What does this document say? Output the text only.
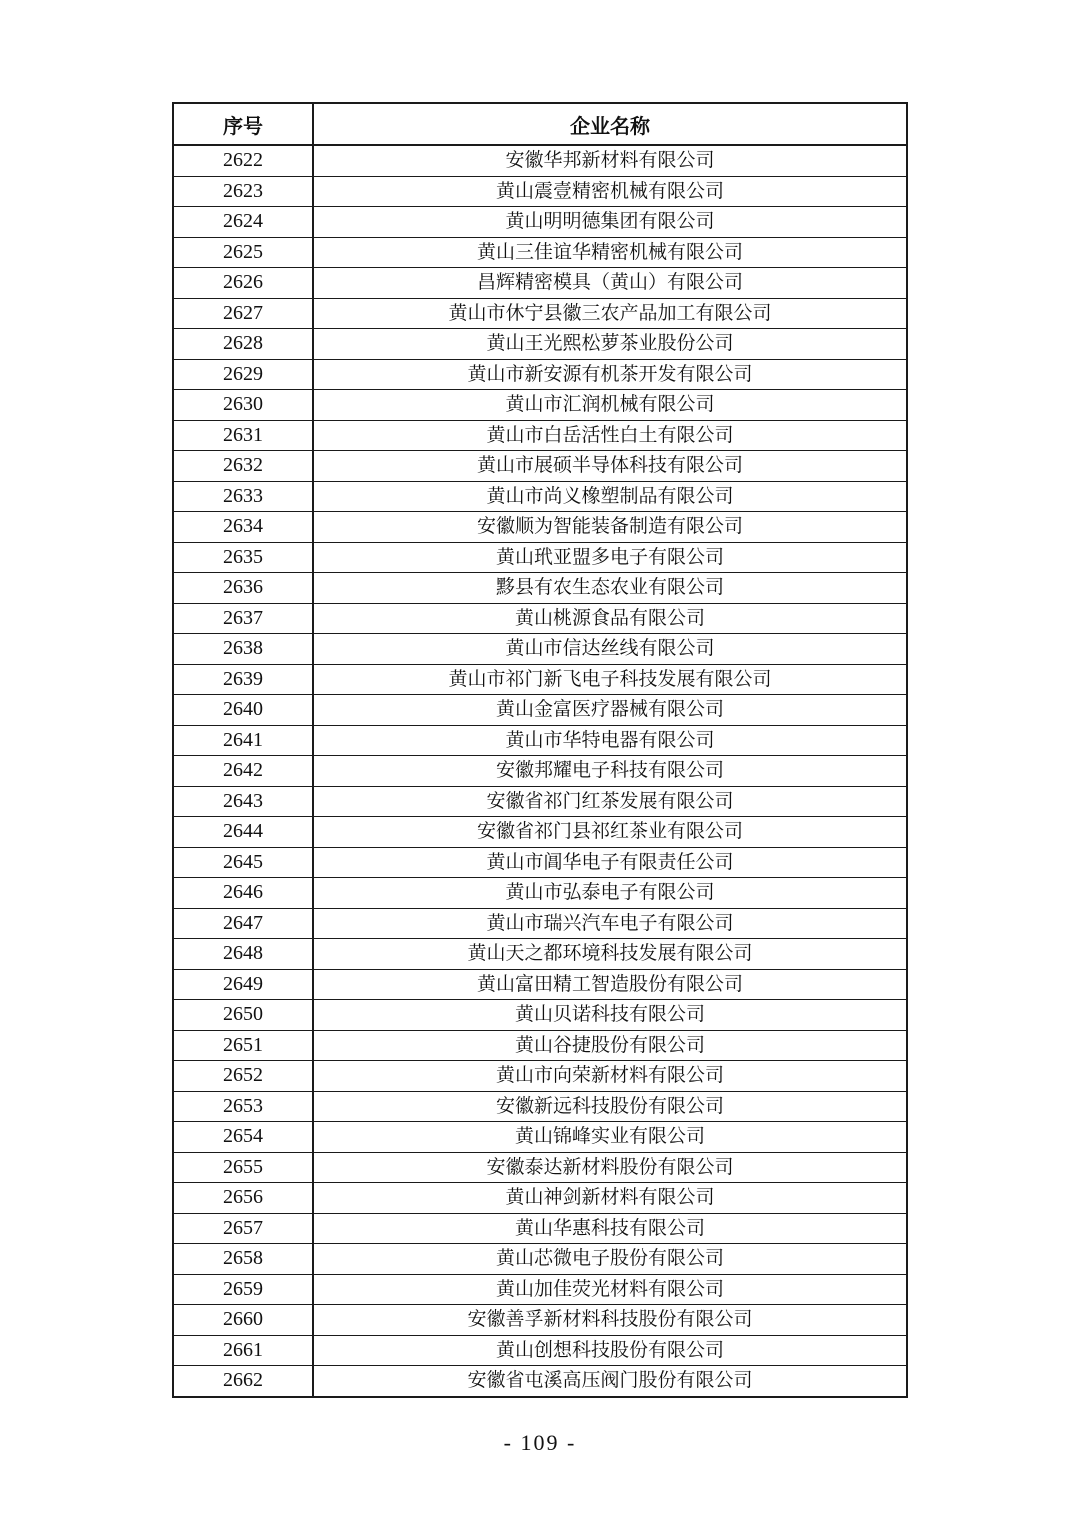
序号	企业名称
2622	安徽华邦新材料有限公司
2623	黄山震壹精密机械有限公司
2624	黄山明明德集团有限公司
2625	黄山三佳谊华精密机械有限公司
2626	昌辉精密模具（黄山）有限公司
2627	黄山市休宁县徽三农产品加工有限公司
2628	黄山王光熙松萝茶业股份公司
2629	黄山市新安源有机茶开发有限公司
2630	黄山市汇润机械有限公司
2631	黄山市白岳活性白土有限公司
2632	黄山市展硕半导体科技有限公司
2633	黄山市尚义橡塑制品有限公司
2634	安徽顺为智能装备制造有限公司
2635	黄山玳亚盟多电子有限公司
2636	黟县有农生态农业有限公司
2637	黄山桃源食品有限公司
2638	黄山市信达丝线有限公司
2639	黄山市祁门新飞电子科技发展有限公司
2640	黄山金富医疗器械有限公司
2641	黄山市华特电器有限公司
2642	安徽邦耀电子科技有限公司
2643	安徽省祁门红茶发展有限公司
2644	安徽省祁门县祁红茶业有限公司
2645	黄山市阊华电子有限责任公司
2646	黄山市弘泰电子有限公司
2647	黄山市瑞兴汽车电子有限公司
2648	黄山天之都环境科技发展有限公司
2649	黄山富田精工智造股份有限公司
2650	黄山贝诺科技有限公司
2651	黄山谷捷股份有限公司
2652	黄山市向荣新材料有限公司
2653	安徽新远科技股份有限公司
2654	黄山锦峰实业有限公司
2655	安徽泰达新材料股份有限公司
2656	黄山神剑新材料有限公司
2657	黄山华惠科技有限公司
2658	黄山芯微电子股份有限公司
2659	黄山加佳荧光材料有限公司
2660	安徽善孚新材料科技股份有限公司
2661	黄山创想科技股份有限公司
2662	安徽省屯溪高压阀门股份有限公司
- 109 -
